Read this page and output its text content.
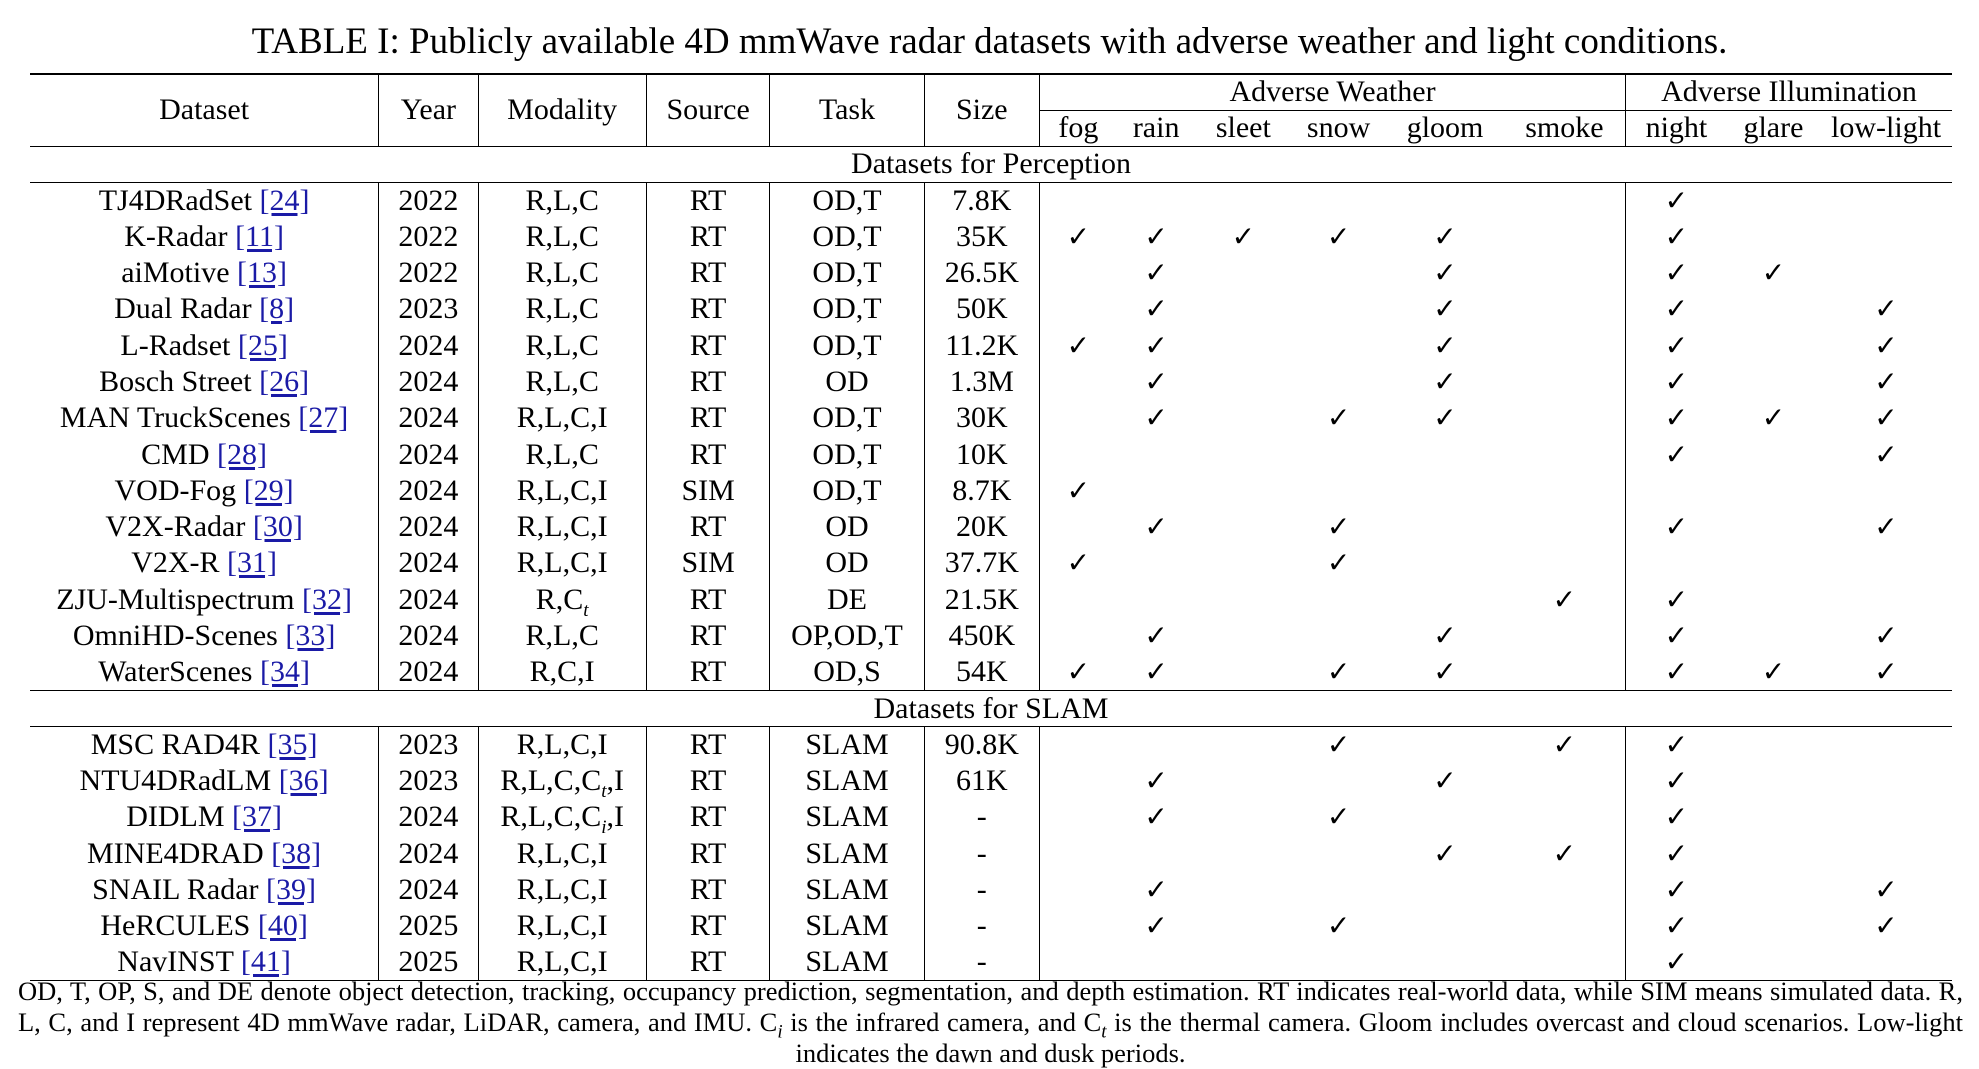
TABLE I: Publicly available 4D mmWave radar datasets with adverse weather and light conditions.
Dataset	Year	Modality	Source	Task	Size	Adverse Weather						Adverse Illumination		
						fog	rain	sleet	snow	gloom	smoke	night	glare	low-light
Datasets for Perception														
TJ4DRadSet [24]	2022	R,L,C	RT	OD,T	7.8K							✓		
K-Radar [11]	2022	R,L,C	RT	OD,T	35K	✓	✓	✓	✓	✓		✓		
aiMotive [13]	2022	R,L,C	RT	OD,T	26.5K		✓			✓		✓	✓	
Dual Radar [8]	2023	R,L,C	RT	OD,T	50K		✓			✓		✓		✓
L-Radset [25]	2024	R,L,C	RT	OD,T	11.2K	✓	✓			✓		✓		✓
Bosch Street [26]	2024	R,L,C	RT	OD	1.3M		✓			✓		✓		✓
MAN TruckScenes [27]	2024	R,L,C,I	RT	OD,T	30K		✓		✓	✓		✓	✓	✓
CMD [28]	2024	R,L,C	RT	OD,T	10K							✓		✓
VOD-Fog [29]	2024	R,L,C,I	SIM	OD,T	8.7K	✓								
V2X-Radar [30]	2024	R,L,C,I	RT	OD	20K		✓		✓			✓		✓
V2X-R [31]	2024	R,L,C,I	SIM	OD	37.7K	✓			✓					
ZJU-Multispectrum [32]	2024	$R,C_t$	RT	DE	21.5K						✓	✓		
OmniHD-Scenes [33]	2024	R,L,C	RT	OP,OD,T	450K		✓			✓		✓		✓
WaterScenes [34]	2024	R,C,I	RT	OD,S	54K	✓	✓		✓	✓		✓	✓	✓
Datasets for SLAM														
MSC RAD4R [35]	2023	R,L,C,I	RT	SLAM	90.8K				✓		✓	✓		
NTU4DRadLM [36]	2023	$R,L,C,C_t,I$	RT	SLAM	61K		✓			✓		✓		
DIDLM [37]	2024	$R,L,C,C_i,I$	RT	SLAM	-		✓		✓			✓		
MINE4DRAD [38]	2024	R,L,C,I	RT	SLAM	-					✓	✓	✓		
SNAIL Radar [39]	2024	R,L,C,I	RT	SLAM	-		✓					✓		✓
HeRCULES [40]	2025	R,L,C,I	RT	SLAM	-		✓		✓			✓		✓
NavINST [41]	2025	R,L,C,I	RT	SLAM	-							✓		
OD, T, OP, S, and DE denote object detection, tracking, occupancy prediction, segmentation, and depth estimation. RT indicates real-world data, while SIM means simulated data. R, L, C, and I represent 4D mmWave radar, LiDAR, camera, and IMU. $C_i$ is the infrared camera, and $C_t$ is the thermal camera. Gloom includes overcast and cloud scenarios. Low-light indicates the dawn and dusk periods.
